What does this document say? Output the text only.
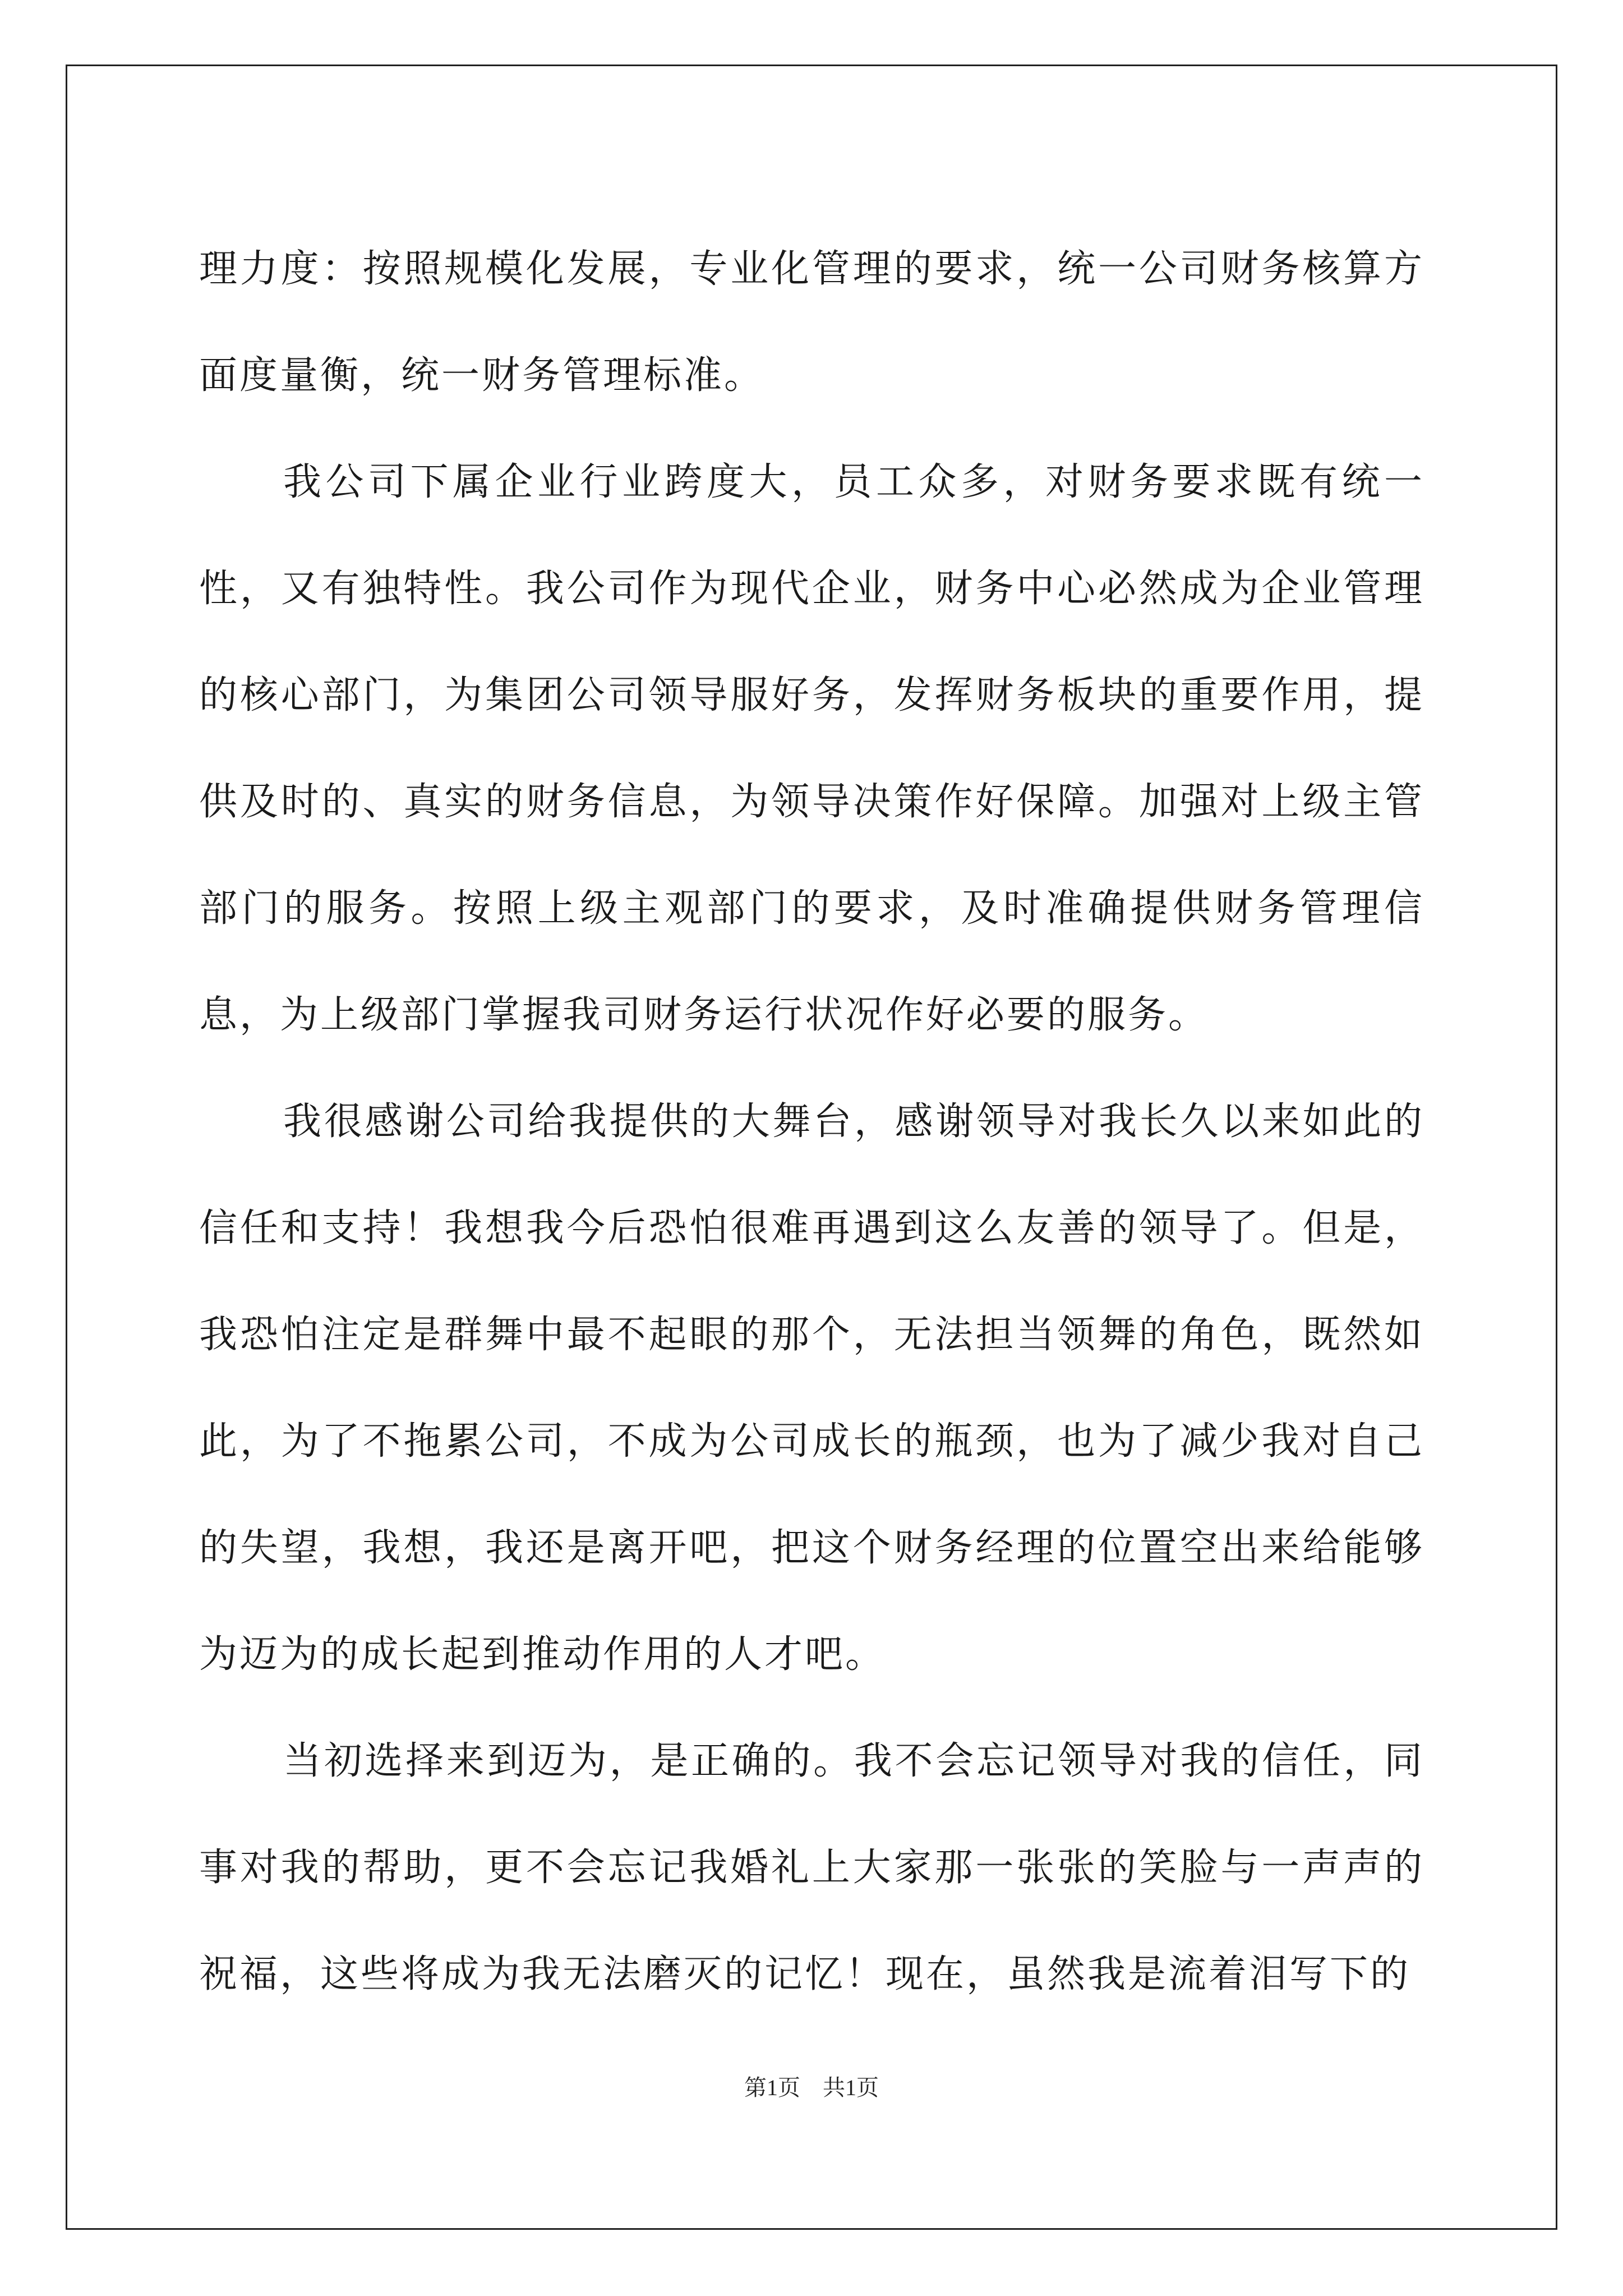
理力度：按照规模化发展，专业化管理的要求，统一公司财务核算方面度量衡，统一财务管理标准。

我公司下属企业行业跨度大，员工众多，对财务要求既有统一性，又有独特性。我公司作为现代企业，财务中心必然成为企业管理的核心部门，为集团公司领导服好务，发挥财务板块的重要作用，提供及时的、真实的财务信息，为领导决策作好保障。加强对上级主管部门的服务。按照上级主观部门的要求，及时准确提供财务管理信息，为上级部门掌握我司财务运行状况作好必要的服务。

我很感谢公司给我提供的大舞台，感谢领导对我长久以来如此的信任和支持！我想我今后恐怕很难再遇到这么友善的领导了。但是，我恐怕注定是群舞中最不起眼的那个，无法担当领舞的角色，既然如此，为了不拖累公司，不成为公司成长的瓶颈，也为了减少我对自己的失望，我想，我还是离开吧，把这个财务经理的位置空出来给能够为迈为的成长起到推动作用的人才吧。

当初选择来到迈为，是正确的。我不会忘记领导对我的信任，同事对我的帮助，更不会忘记我婚礼上大家那一张张的笑脸与一声声的祝福，这些将成为我无法磨灭的记忆！现在，虽然我是流着泪写下的

第1页 共1页
